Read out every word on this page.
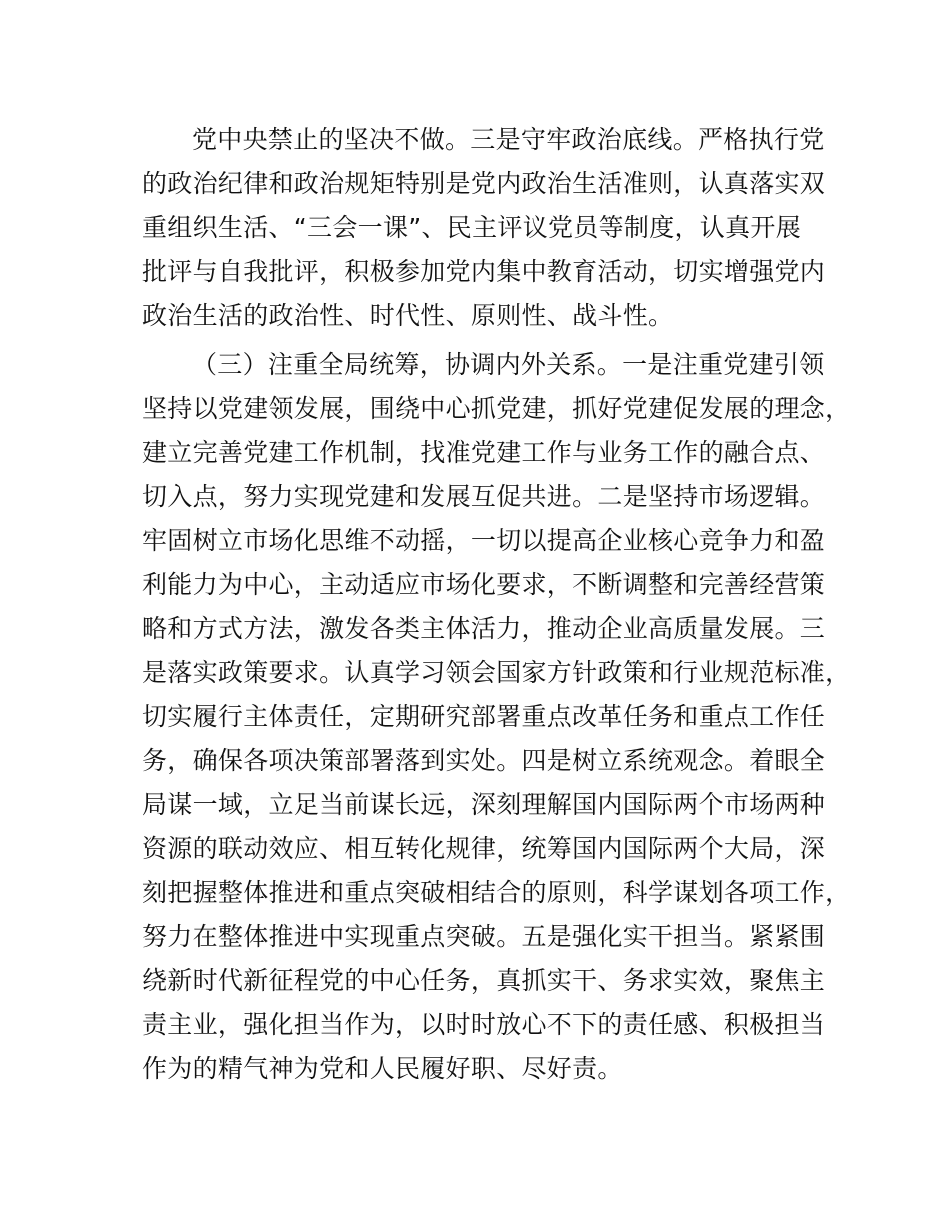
党中央禁止的坚决不做。三是守牢政治底线。严格执行党
的政治纪律和政治规矩特别是党内政治生活准则，认真落实双
重组织生活、“三会一课”、民主评议党员等制度，认真开展
批评与自我批评，积极参加党内集中教育活动，切实增强党内
政治生活的政治性、时代性、原则性、战斗性。
（三）注重全局统筹，协调内外关系。一是注重党建引领
坚持以党建领发展，围绕中心抓党建，抓好党建促发展的理念，
建立完善党建工作机制，找准党建工作与业务工作的融合点、
切入点，努力实现党建和发展互促共进。二是坚持市场逻辑。
牢固树立市场化思维不动摇，一切以提高企业核心竞争力和盈
利能力为中心，主动适应市场化要求，不断调整和完善经营策
略和方式方法，激发各类主体活力，推动企业高质量发展。三
是落实政策要求。认真学习领会国家方针政策和行业规范标准，
切实履行主体责任，定期研究部署重点改革任务和重点工作任
务，确保各项决策部署落到实处。四是树立系统观念。着眼全
局谋一域，立足当前谋长远，深刻理解国内国际两个市场两种
资源的联动效应、相互转化规律，统筹国内国际两个大局，深
刻把握整体推进和重点突破相结合的原则，科学谋划各项工作，
努力在整体推进中实现重点突破。五是强化实干担当。紧紧围
绕新时代新征程党的中心任务，真抓实干、务求实效，聚焦主
责主业，强化担当作为，以时时放心不下的责任感、积极担当
作为的精气神为党和人民履好职、尽好责。
